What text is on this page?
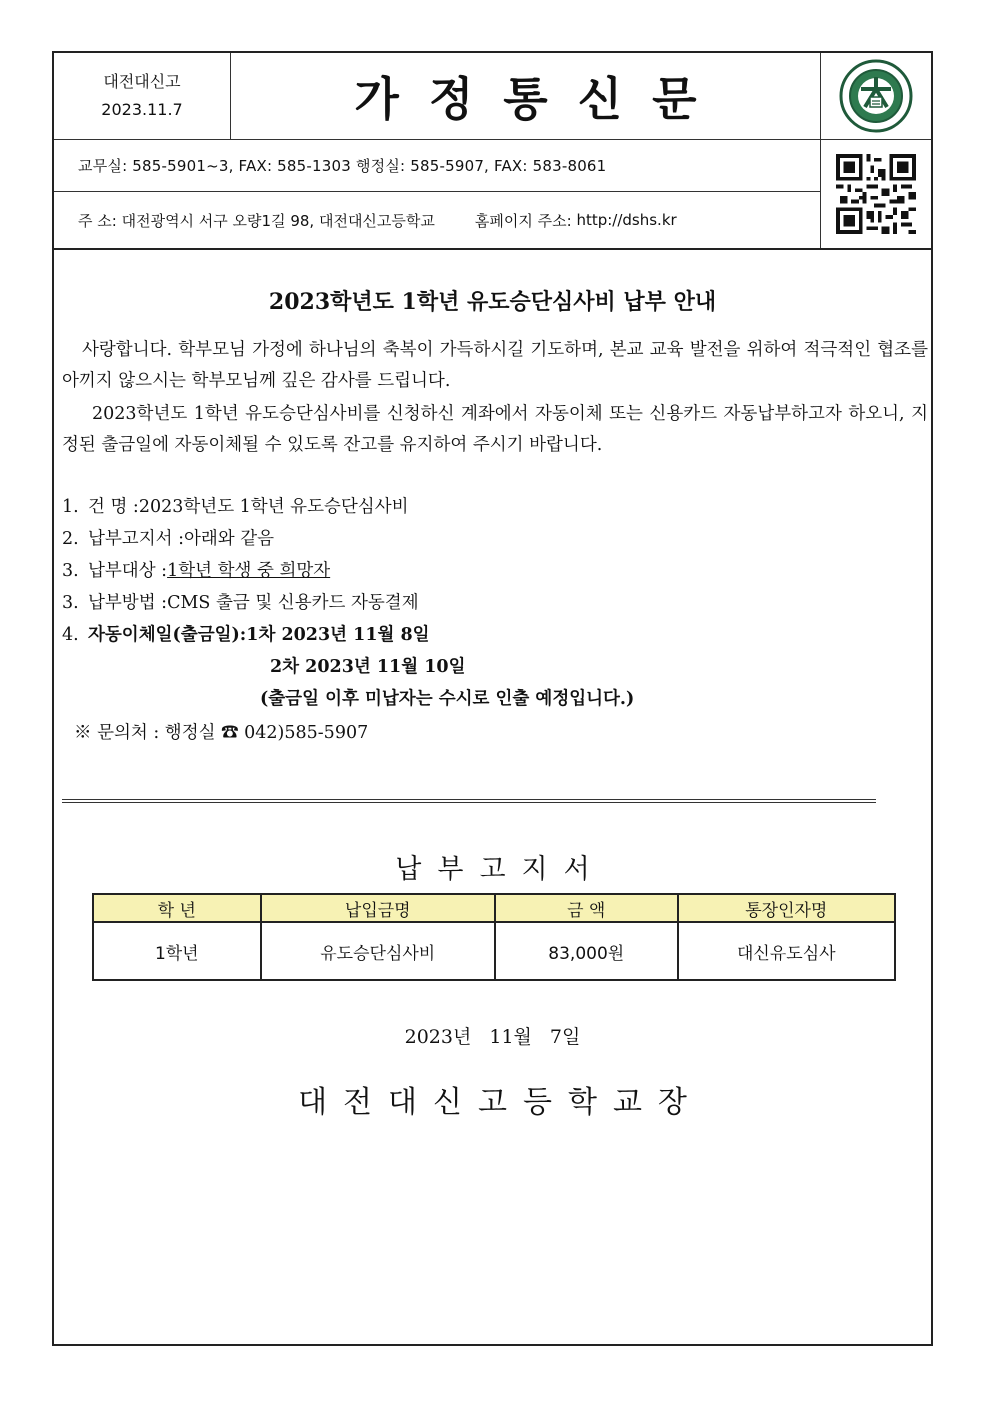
대전대신고
2023.11.7	가정통신문
교무실: 585-5901~3, FAX: 585-1303 행정실: 585-5907, FAX: 583-8061
주 소:
대전광역시 서구 오량1길 98, 대전대신고등학교	홈페이지 주소:
http://dshs.kr
2023학년도 1학년 유도승단심사비 납부 안내
사랑합니다. 학부모님 가정에 하나님의 축복이 가득하시길 기도하며, 본교 교육 발전을 위하여 적극적인 협조를 아끼지 않으시는 학부모님께 깊은 감사를 드립니다.
2023학년도 1학년 유도승단심사비를 신청하신 계좌에서 자동이체 또는 신용카드 자동납부하고자 하오니, 지정된 출금일에 자동이체될 수 있도록 잔고를 유지하여 주시기 바랍니다.
1. 건 명 :2023학년도 1학년 유도승단심사비
2. 납부고지서 :아래와 같음
3. 납부대상 :1학년 학생 중 희망자
3. 납부방법 :CMS 출금 및 신용카드 자동결제
4. 자동이체일(출금일):1차 2023년 11월 8일
2차 2023년 11월 10일
(출금일 이후 미납자는 수시로 인출 예정입니다.)
※ 문의처 : 행정실 ☎ 042)585-5907
납부고지서
학 년	납입금명	금 액	통장인자명
1학년	유도승단심사비	83,000원	대신유도심사
2023년 11월 7일
대전대신고등학교장
